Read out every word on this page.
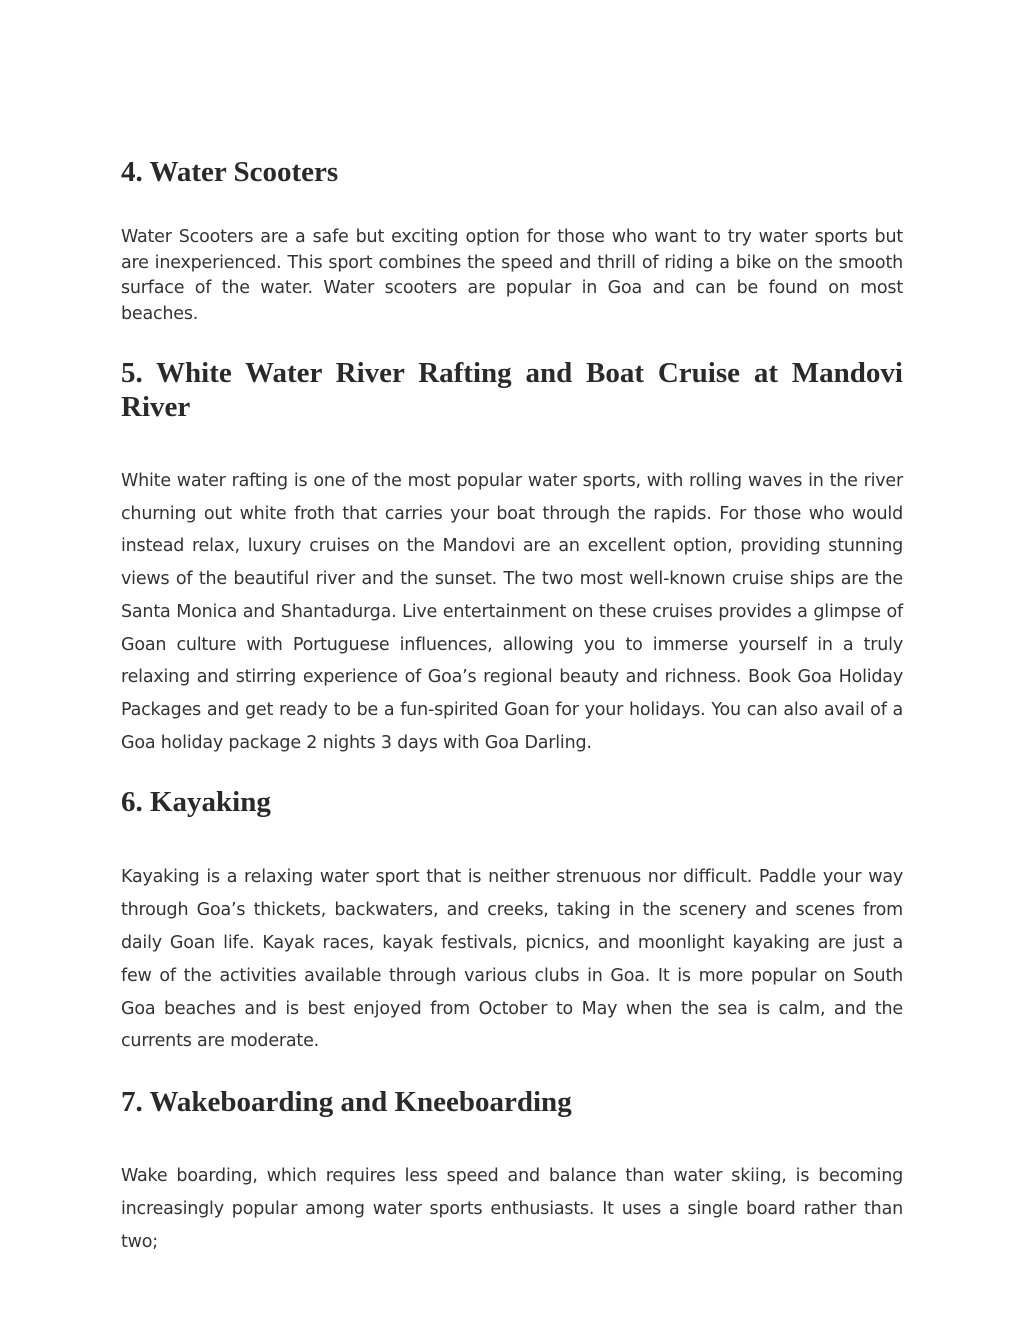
4. Water Scooters

Water Scooters are a safe but exciting option for those who want to try water sports but are inexperienced. This sport combines the speed and thrill of riding a bike on the smooth surface of the water. Water scooters are popular in Goa and can be found on most beaches.

5. White Water River Rafting and Boat Cruise at Mandovi River

White water rafting is one of the most popular water sports, with rolling waves in the river churning out white froth that carries your boat through the rapids. For those who would instead relax, luxury cruises on the Mandovi are an excellent option, providing stunning views of the beautiful river and the sunset. The two most well-known cruise ships are the Santa Monica and Shantadurga. Live entertainment on these cruises provides a glimpse of Goan culture with Portuguese influences, allowing you to immerse yourself in a truly relaxing and stirring experience of Goa’s regional beauty and richness. Book Goa Holiday Packages and get ready to be a fun-spirited Goan for your holidays. You can also avail of a Goa holiday package 2 nights 3 days with Goa Darling.

6. Kayaking

Kayaking is a relaxing water sport that is neither strenuous nor difficult. Paddle your way through Goa’s thickets, backwaters, and creeks, taking in the scenery and scenes from daily Goan life. Kayak races, kayak festivals, picnics, and moonlight kayaking are just a few of the activities available through various clubs in Goa. It is more popular on South Goa beaches and is best enjoyed from October to May when the sea is calm, and the currents are moderate.

7. Wakeboarding and Kneeboarding

Wake boarding, which requires less speed and balance than water skiing, is becoming increasingly popular among water sports enthusiasts. It uses a single board rather than two;
